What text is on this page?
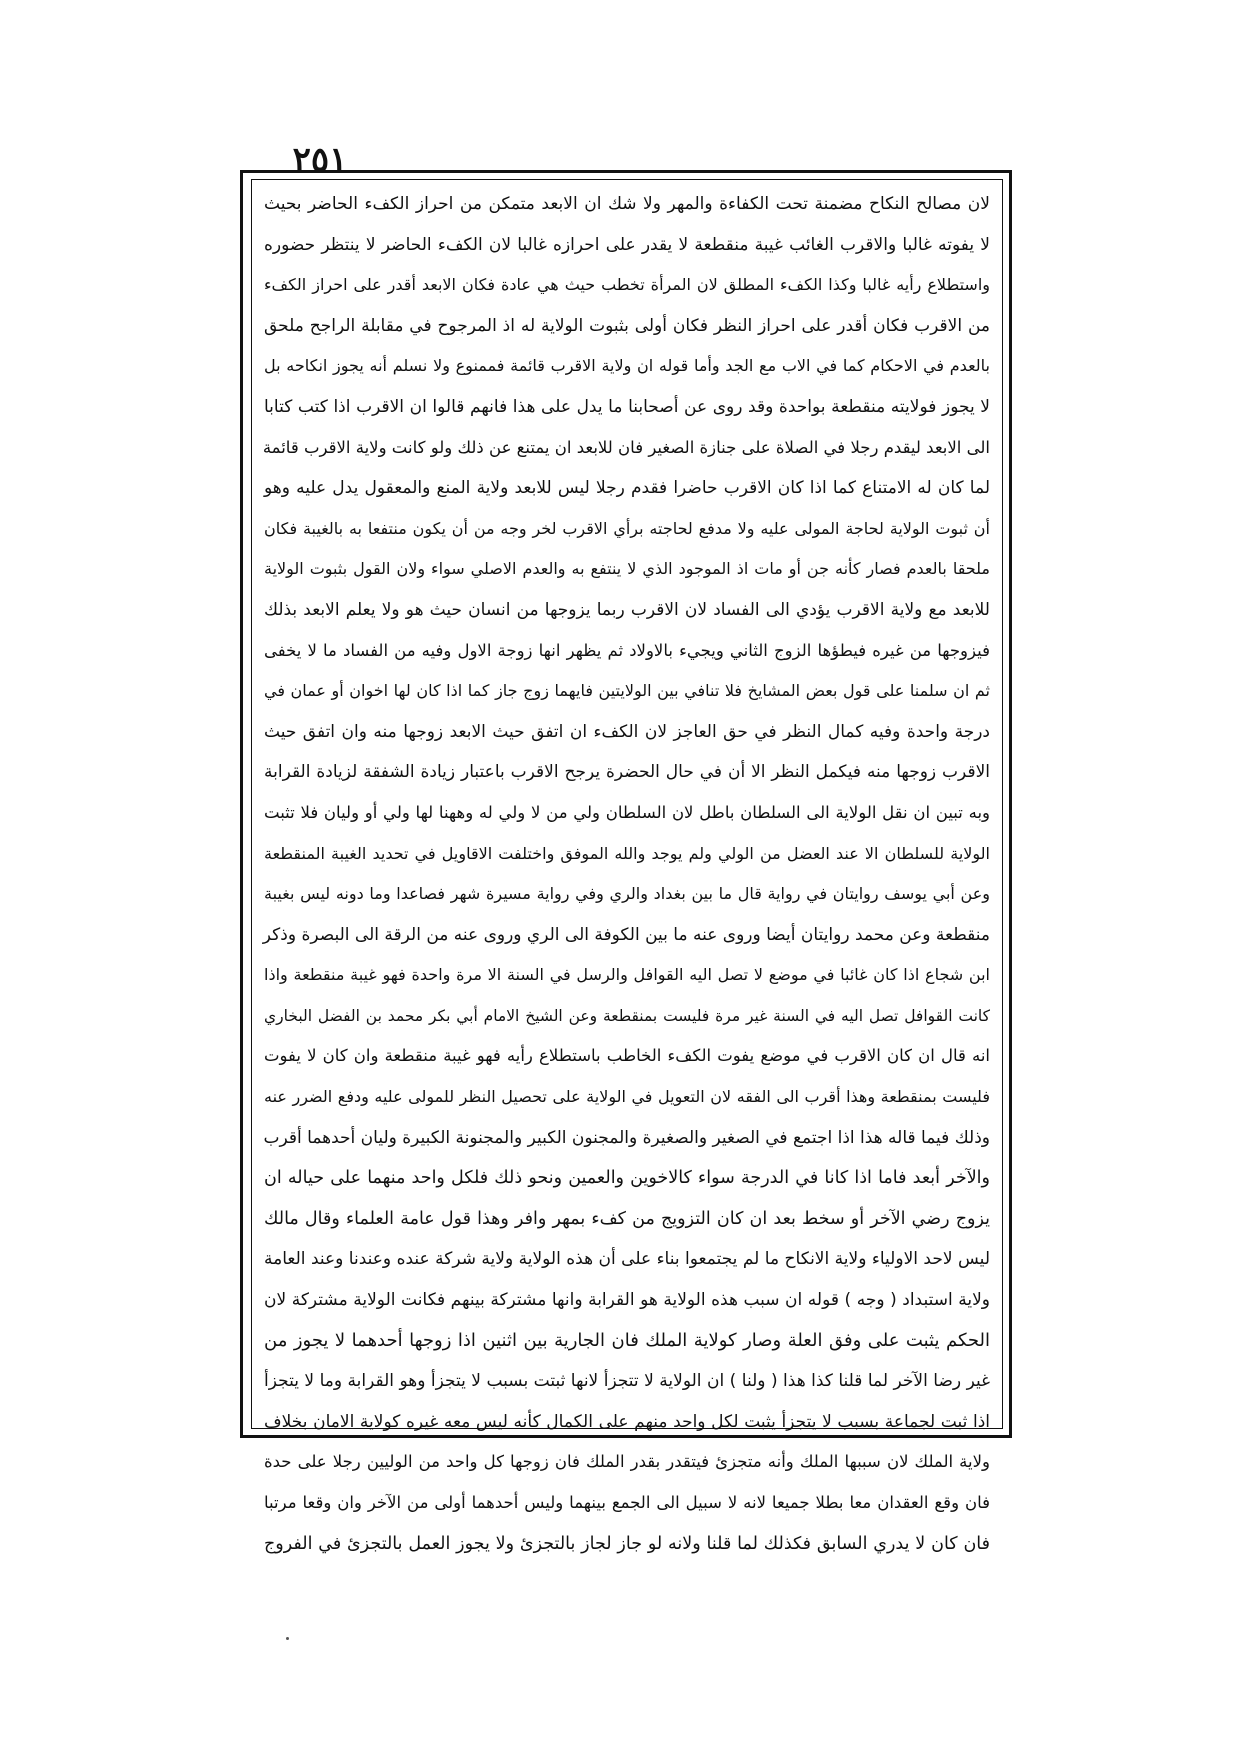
٢٥١
لان مصالح النكاح مضمنة تحت الكفاءة والمهر ولا شك ان الابعد متمكن من احراز الكفء الحاضر بحيث
لا يفوته غالبا والاقرب الغائب غيبة منقطعة لا يقدر على احرازه غالبا لان الكفء الحاضر لا ينتظر حضوره
واستطلاع رأيه غالبا وكذا الكفء المطلق لان المرأة تخطب حيث هي عادة فكان الابعد أقدر على احراز الكفء
من الاقرب فكان أقدر على احراز النظر فكان أولى بثبوت الولاية له اذ المرجوح في مقابلة الراجح ملحق
بالعدم في الاحكام كما في الاب مع الجد وأما قوله ان ولاية الاقرب قائمة فممنوع ولا نسلم أنه يجوز انكاحه بل
لا يجوز فولايته منقطعة بواحدة وقد روى عن أصحابنا ما يدل على هذا فانهم قالوا ان الاقرب اذا كتب كتابا
الى الابعد ليقدم رجلا في الصلاة على جنازة الصغير فان للابعد ان يمتنع عن ذلك ولو كانت ولاية الاقرب قائمة
لما كان له الامتناع كما اذا كان الاقرب حاضرا فقدم رجلا ليس للابعد ولاية المنع والمعقول يدل عليه وهو
أن ثبوت الولاية لحاجة المولى عليه ولا مدفع لحاجته برأي الاقرب لخر وجه من أن يكون منتفعا به بالغيبة فكان
ملحقا بالعدم فصار كأنه جن أو مات اذ الموجود الذي لا ينتفع به والعدم الاصلي سواء ولان القول بثبوت الولاية
للابعد مع ولاية الاقرب يؤدي الى الفساد لان الاقرب ربما يزوجها من انسان حيث هو ولا يعلم الابعد بذلك
فيزوجها من غيره فيطؤها الزوج الثاني ويجيء بالاولاد ثم يظهر انها زوجة الاول وفيه من الفساد ما لا يخفى
ثم ان سلمنا على قول بعض المشايخ فلا تنافي بين الولايتين فايهما زوج جاز كما اذا كان لها اخوان أو عمان في
درجة واحدة وفيه كمال النظر في حق العاجز لان الكفء ان اتفق حيث الابعد زوجها منه وان اتفق حيث
الاقرب زوجها منه فيكمل النظر الا أن في حال الحضرة يرجح الاقرب باعتبار زيادة الشفقة لزيادة القرابة
وبه تبين ان نقل الولاية الى السلطان باطل لان السلطان ولي من لا ولي له وههنا لها ولي أو وليان فلا تثبت
الولاية للسلطان الا عند العضل من الولي ولم يوجد والله الموفق واختلفت الاقاويل في تحديد الغيبة المنقطعة
وعن أبي يوسف روايتان في رواية قال ما بين بغداد والري وفي رواية مسيرة شهر فصاعدا وما دونه ليس بغيبة
منقطعة وعن محمد روايتان أيضا وروى عنه ما بين الكوفة الى الري وروى عنه من الرقة الى البصرة وذكر
ابن شجاع اذا كان غائبا في موضع لا تصل اليه القوافل والرسل في السنة الا مرة واحدة فهو غيبة منقطعة واذا
كانت القوافل تصل اليه في السنة غير مرة فليست بمنقطعة وعن الشيخ الامام أبي بكر محمد بن الفضل البخاري
انه قال ان كان الاقرب في موضع يفوت الكفء الخاطب باستطلاع رأيه فهو غيبة منقطعة وان كان لا يفوت
فليست بمنقطعة وهذا أقرب الى الفقه لان التعويل في الولاية على تحصيل النظر للمولى عليه ودفع الضرر عنه
وذلك فيما قاله هذا اذا اجتمع في الصغير والصغيرة والمجنون الكبير والمجنونة الكبيرة وليان أحدهما أقرب
والآخر أبعد فاما اذا كانا في الدرجة سواء كالاخوين والعمين ونحو ذلك فلكل واحد منهما على حياله ان
يزوج رضي الآخر أو سخط بعد ان كان التزويج من كفء بمهر وافر وهذا قول عامة العلماء وقال مالك
ليس لاحد الاولياء ولاية الانكاح ما لم يجتمعوا بناء على أن هذه الولاية ولاية شركة عنده وعندنا وعند العامة
ولاية استبداد ( وجه ) قوله ان سبب هذه الولاية هو القرابة وانها مشتركة بينهم فكانت الولاية مشتركة لان
الحكم يثبت على وفق العلة وصار كولاية الملك فان الجارية بين اثنين اذا زوجها أحدهما لا يجوز من
غير رضا الآخر لما قلنا كذا هذا ( ولنا ) ان الولاية لا تتجزأ لانها ثبتت بسبب لا يتجزأ وهو القرابة وما لا يتجزأ
اذا ثبت لجماعة بسبب لا يتجزأ يثبت لكل واحد منهم على الكمال كأنه ليس معه غيره كولاية الامان بخلاف
ولاية الملك لان سببها الملك وأنه متجزئ فيتقدر بقدر الملك فان زوجها كل واحد من الوليين رجلا على حدة
فان وقع العقدان معا بطلا جميعا لانه لا سبيل الى الجمع بينهما وليس أحدهما أولى من الآخر وان وقعا مرتبا
فان كان لا يدري السابق فكذلك لما قلنا ولانه لو جاز لجاز بالتجزئ ولا يجوز العمل بالتجزئ في الفروج
